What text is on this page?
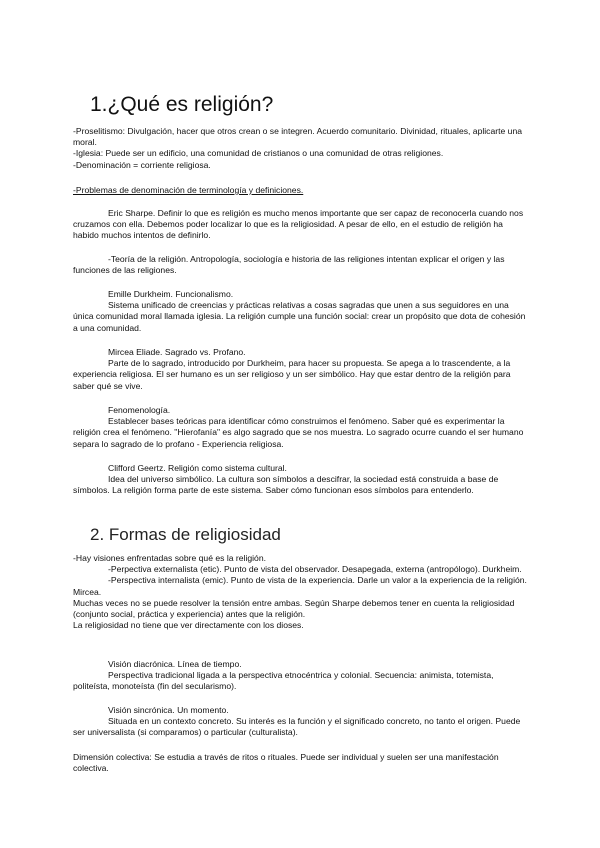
1.¿Qué es religión?

-Proselitismo: Divulgación, hacer que otros crean o se integren. Acuerdo comunitario. Divinidad, rituales, aplicarte una moral.

-Iglesia: Puede ser un edificio, una comunidad de cristianos o una comunidad de otras religiones.

-Denominación = corriente religiosa.

-Problemas de denominación de terminología y definiciones.

Eric Sharpe. Definir lo que es religión es mucho menos importante que ser capaz de reconocerla cuando nos cruzamos con ella. Debemos poder localizar lo que es la religiosidad. A pesar de ello, en el estudio de religión ha habido muchos intentos de definirlo.

-Teoría de la religión. Antropología, sociología e historia de las religiones intentan explicar el origen y las funciones de las religiones.

Emille Durkheim. Funcionalismo.

Sistema unificado de creencias y prácticas relativas a cosas sagradas que unen a sus seguidores en una única comunidad moral llamada iglesia. La religión cumple una función social: crear un propósito que dota de cohesión a una comunidad.

Mircea Eliade. Sagrado vs. Profano.

Parte de lo sagrado, introducido por Durkheim, para hacer su propuesta. Se apega a lo trascendente, a la experiencia religiosa. El ser humano es un ser religioso y un ser simbólico. Hay que estar dentro de la religión para saber qué se vive.

Fenomenología.

Establecer bases teóricas para identificar cómo construimos el fenómeno. Saber qué es experimentar la religión crea el fenómeno. "Hierofanía" es algo sagrado que se nos muestra. Lo sagrado ocurre cuando el ser humano separa lo sagrado de lo profano - Experiencia religiosa.

Clifford Geertz. Religión como sistema cultural.

Idea del universo simbólico. La cultura son símbolos a descifrar, la sociedad está construida a base de símbolos. La religión forma parte de este sistema. Saber cómo funcionan esos símbolos para entenderlo.

2. Formas de religiosidad

-Hay visiones enfrentadas sobre qué es la religión.

-Perpectiva externalista (etic). Punto de vista del observador. Desapegada, externa (antropólogo). Durkheim.

-Perspectiva internalista (emic). Punto de vista de la experiencia. Darle un valor a la experiencia de la religión. Mircea.

Muchas veces no se puede resolver la tensión entre ambas. Según Sharpe debemos tener en cuenta la religiosidad (conjunto social, práctica y experiencia) antes que la religión.

La religiosidad no tiene que ver directamente con los dioses.

Visión diacrónica. Línea de tiempo.

Perspectiva tradicional ligada a la perspectiva etnocéntrica y colonial. Secuencia: animista, totemista, politeísta, monoteísta (fin del secularismo).

Visión sincrónica. Un momento.

Situada en un contexto concreto. Su interés es la función y el significado concreto, no tanto el origen. Puede ser universalista (si comparamos) o particular (culturalista).

Dimensión colectiva: Se estudia a través de ritos o rituales. Puede ser individual y suelen ser una manifestación colectiva.
